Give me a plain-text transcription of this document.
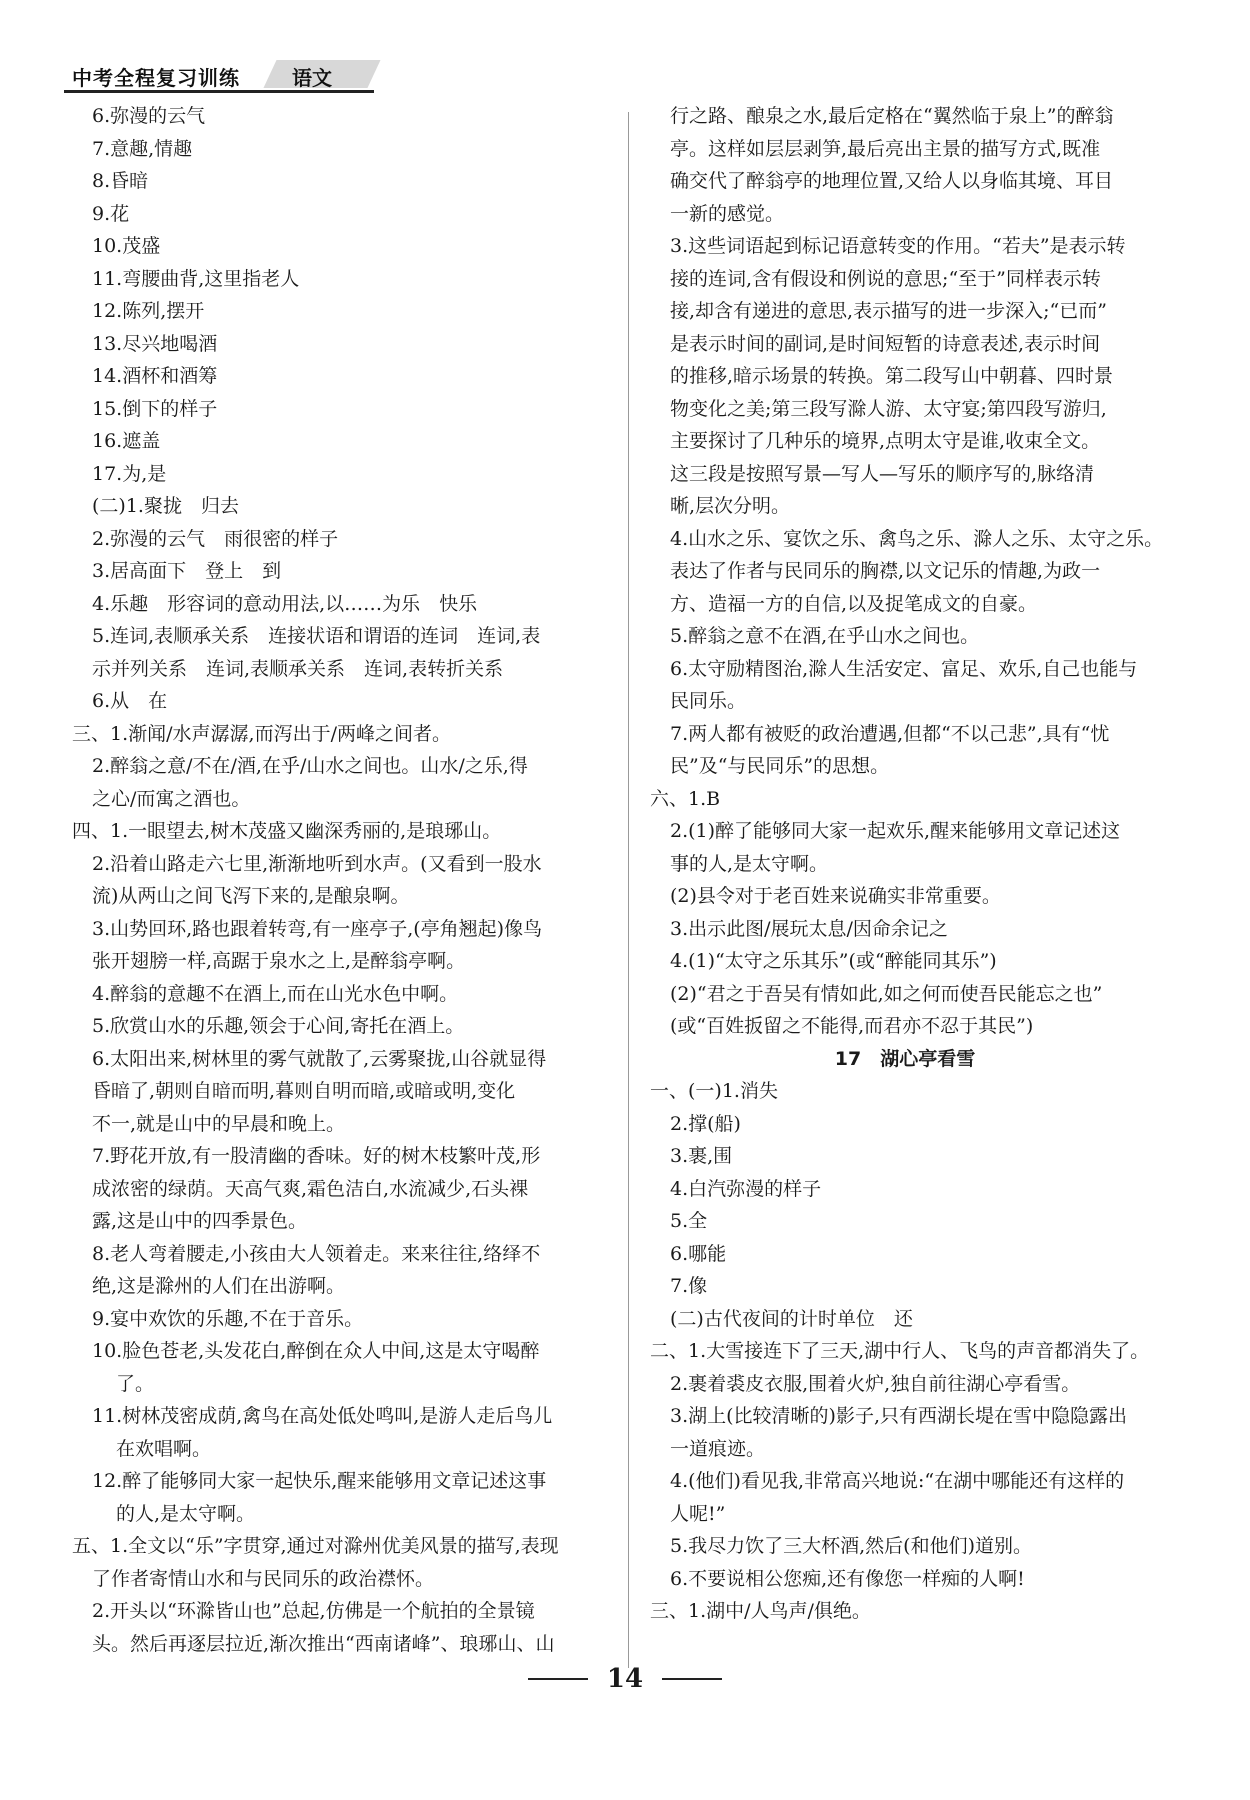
中考全程复习训练	语文
6.弥漫的云气
7.意趣,情趣
8.昏暗
9.花
10.茂盛
11.弯腰曲背,这里指老人
12.陈列,摆开
13.尽兴地喝酒
14.酒杯和酒筹
15.倒下的样子
16.遮盖
17.为,是
(二)1.聚拢　归去
2.弥漫的云气　雨很密的样子
3.居高面下　登上　到
4.乐趣　形容词的意动用法,以……为乐　快乐
5.连词,表顺承关系　连接状语和谓语的连词　连词,表
示并列关系　连词,表顺承关系　连词,表转折关系
6.从　在
三、1.渐闻/水声潺潺,而泻出于/两峰之间者。
2.醉翁之意/不在/酒,在乎/山水之间也。山水/之乐,得
之心/而寓之酒也。
四、1.一眼望去,树木茂盛又幽深秀丽的,是琅琊山。
2.沿着山路走六七里,渐渐地听到水声。(又看到一股水
流)从两山之间飞泻下来的,是酿泉啊。
3.山势回环,路也跟着转弯,有一座亭子,(亭角翘起)像鸟
张开翅膀一样,高踞于泉水之上,是醉翁亭啊。
4.醉翁的意趣不在酒上,而在山光水色中啊。
5.欣赏山水的乐趣,领会于心间,寄托在酒上。
6.太阳出来,树林里的雾气就散了,云雾聚拢,山谷就显得
昏暗了,朝则自暗而明,暮则自明而暗,或暗或明,变化
不一,就是山中的早晨和晚上。
7.野花开放,有一股清幽的香味。好的树木枝繁叶茂,形
成浓密的绿荫。天高气爽,霜色洁白,水流减少,石头裸
露,这是山中的四季景色。
8.老人弯着腰走,小孩由大人领着走。来来往往,络绎不
绝,这是滁州的人们在出游啊。
9.宴中欢饮的乐趣,不在于音乐。
10.脸色苍老,头发花白,醉倒在众人中间,这是太守喝醉
了。
11.树林茂密成荫,禽鸟在高处低处鸣叫,是游人走后鸟儿
在欢唱啊。
12.醉了能够同大家一起快乐,醒来能够用文章记述这事
的人,是太守啊。
五、1.全文以“乐”字贯穿,通过对滁州优美风景的描写,表现
了作者寄情山水和与民同乐的政治襟怀。
2.开头以“环滁皆山也”总起,仿佛是一个航拍的全景镜
头。然后再逐层拉近,渐次推出“西南诸峰”、琅琊山、山
行之路、酿泉之水,最后定格在“翼然临于泉上”的醉翁
亭。这样如层层剥笋,最后亮出主景的描写方式,既准
确交代了醉翁亭的地理位置,又给人以身临其境、耳目
一新的感觉。
3.这些词语起到标记语意转变的作用。“若夫”是表示转
接的连词,含有假设和例说的意思;“至于”同样表示转
接,却含有递进的意思,表示描写的进一步深入;“已而”
是表示时间的副词,是时间短暂的诗意表述,表示时间
的推移,暗示场景的转换。第二段写山中朝暮、四时景
物变化之美;第三段写滁人游、太守宴;第四段写游归,
主要探讨了几种乐的境界,点明太守是谁,收束全文。
这三段是按照写景—写人—写乐的顺序写的,脉络清
晰,层次分明。
4.山水之乐、宴饮之乐、禽鸟之乐、滁人之乐、太守之乐。
表达了作者与民同乐的胸襟,以文记乐的情趣,为政一
方、造福一方的自信,以及捉笔成文的自豪。
5.醉翁之意不在酒,在乎山水之间也。
6.太守励精图治,滁人生活安定、富足、欢乐,自己也能与
民同乐。
7.两人都有被贬的政治遭遇,但都“不以己悲”,具有“忧
民”及“与民同乐”的思想。
六、1.B
2.(1)醉了能够同大家一起欢乐,醒来能够用文章记述这
事的人,是太守啊。
(2)县令对于老百姓来说确实非常重要。
3.出示此图/展玩太息/因命余记之
4.(1)“太守之乐其乐”(或“醉能同其乐”)
(2)“君之于吾吴有情如此,如之何而使吾民能忘之也”
(或“百姓扳留之不能得,而君亦不忍于其民”)
17　湖心亭看雪
一、(一)1.消失
2.撑(船)
3.裹,围
4.白汽弥漫的样子
5.全
6.哪能
7.像
(二)古代夜间的计时单位　还
二、1.大雪接连下了三天,湖中行人、飞鸟的声音都消失了。
2.裹着裘皮衣服,围着火炉,独自前往湖心亭看雪。
3.湖上(比较清晰的)影子,只有西湖长堤在雪中隐隐露出
一道痕迹。
4.(他们)看见我,非常高兴地说:“在湖中哪能还有这样的
人呢!”
5.我尽力饮了三大杯酒,然后(和他们)道别。
6.不要说相公您痴,还有像您一样痴的人啊!
三、1.湖中/人鸟声/俱绝。
14
